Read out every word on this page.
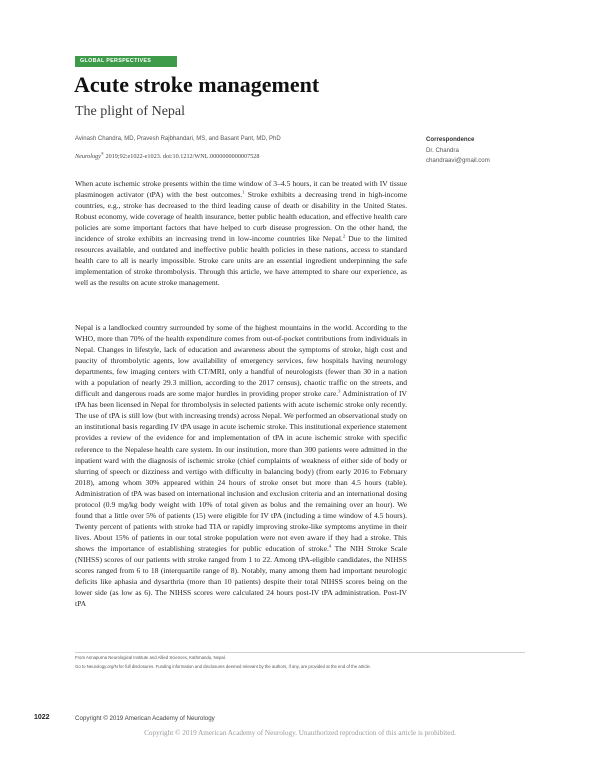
GLOBAL PERSPECTIVES
Acute stroke management
The plight of Nepal
Avinash Chandra, MD, Pravesh Rajbhandari, MS, and Basant Pant, MD, PhD
Neurology® 2019;92:e1022-e1023. doi:10.1212/WNL.0000000000007528
Correspondence
Dr. Chandra
chandraavi@gmail.com
When acute ischemic stroke presents within the time window of 3–4.5 hours, it can be treated with IV tissue plasminogen activator (tPA) with the best outcomes.$^1$ Stroke exhibits a decreasing trend in high-income countries, e.g., stroke has decreased to the third leading cause of death or disability in the United States. Robust economy, wide coverage of health insurance, better public health education, and effective health care policies are some important factors that have helped to curb disease progression. On the other hand, the incidence of stroke exhibits an increasing trend in low-income countries like Nepal.$^2$ Due to the limited resources available, and outdated and ineffective public health policies in these nations, access to standard health care to all is nearly impossible. Stroke care units are an essential ingredient underpinning the safe implementation of stroke thrombolysis. Through this article, we have attempted to share our experience, as well as the results on acute stroke management.
Nepal is a landlocked country surrounded by some of the highest mountains in the world. According to the WHO, more than 70% of the health expenditure comes from out-of-pocket contributions from individuals in Nepal. Changes in lifestyle, lack of education and awareness about the symptoms of stroke, high cost and paucity of thrombolytic agents, low availability of emergency services, few hospitals having neurology departments, few imaging centers with CT/MRI, only a handful of neurologists (fewer than 30 in a nation with a population of nearly 29.3 million, according to the 2017 census), chaotic traffic on the streets, and difficult and dangerous roads are some major hurdles in providing proper stroke care.$^3$ Administration of IV tPA has been licensed in Nepal for thrombolysis in selected patients with acute ischemic stroke only recently. The use of tPA is still low (but with increasing trends) across Nepal. We performed an observational study on an institutional basis regarding IV tPA usage in acute ischemic stroke. This institutional experience statement provides a review of the evidence for and implementation of tPA in acute ischemic stroke with specific reference to the Nepalese health care system. In our institution, more than 300 patients were admitted in the inpatient ward with the diagnosis of ischemic stroke (chief complaints of weakness of either side of body or slurring of speech or dizziness and vertigo with difficulty in balancing body) (from early 2016 to February 2018), among whom 30% appeared within 24 hours of stroke onset but more than 4.5 hours (table). Administration of tPA was based on international inclusion and exclusion criteria and an international dosing protocol (0.9 mg/kg body weight with 10% of total given as bolus and the remaining over an hour). We found that a little over 5% of patients (15) were eligible for IV tPA (including a time window of 4.5 hours). Twenty percent of patients with stroke had TIA or rapidly improving stroke-like symptoms anytime in their lives. About 15% of patients in our total stroke population were not even aware if they had a stroke. This shows the importance of establishing strategies for public education of stroke.$^4$ The NIH Stroke Scale (NIHSS) scores of our patients with stroke ranged from 1 to 22. Among tPA-eligible candidates, the NIHSS scores ranged from 6 to 18 (interquartile range of 8). Notably, many among them had important neurologic deficits like aphasia and dysarthria (more than 10 patients) despite their total NIHSS scores being on the lower side (as low as 6). The NIHSS scores were calculated 24 hours post-IV tPA administration. Post-IV tPA
From Annapurna Neurological Institute and Allied Sciences, Kathmandu, Nepal.
Go to Neurology.org/N for full disclosures. Funding information and disclosures deemed relevant by the authors, if any, are provided at the end of the article.
1022	Copyright © 2019 American Academy of Neurology
Copyright © 2019 American Academy of Neurology. Unauthorized reproduction of this article is prohibited.
